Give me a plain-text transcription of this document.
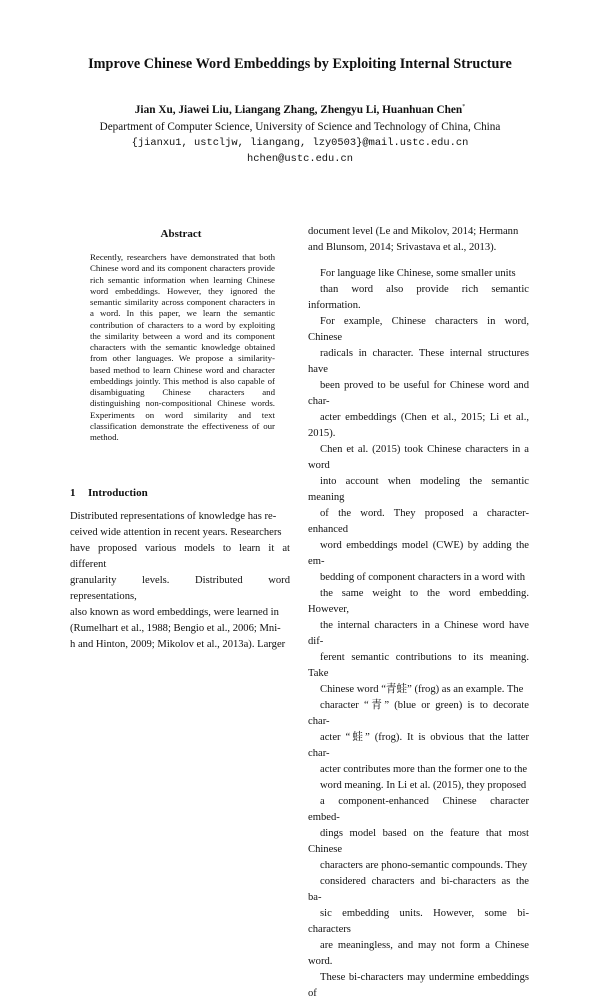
Improve Chinese Word Embeddings by Exploiting Internal Structure
Jian Xu, Jiawei Liu, Liangang Zhang, Zhengyu Li, Huanhuan Chen*
Department of Computer Science, University of Science and Technology of China, China
{jianxu1, ustcljw, liangang, lzy0503}@mail.ustc.edu.cn
hchen@ustc.edu.cn
Abstract
Recently, researchers have demonstrated that both Chinese word and its component characters provide rich semantic information when learning Chinese word embeddings. However, they ignored the semantic similarity across component characters in a word. In this paper, we learn the semantic contribution of characters to a word by exploiting the similarity between a word and its component characters with the semantic knowledge obtained from other languages. We propose a similarity-based method to learn Chinese word and character embeddings jointly. This method is also capable of disambiguating Chinese characters and distinguishing non-compositional Chinese words. Experiments on word similarity and text classification demonstrate the effectiveness of our method.
1 Introduction
Distributed representations of knowledge has re-
ceived wide attention in recent years. Researchers
have proposed various models to learn it at different
granularity levels. Distributed word representations,
also known as word embeddings, were learned in
(Rumelhart et al., 1988; Bengio et al., 2006; Mni-
h and Hinton, 2009; Mikolov et al., 2013a). Larger
document level (Le and Mikolov, 2014; Hermann
and Blunsom, 2014; Srivastava et al., 2013).
For language like Chinese, some smaller units
than word also provide rich semantic information.
For example, Chinese characters in word, Chinese
radicals in character. These internal structures have
been proved to be useful for Chinese word and char-
acter embeddings (Chen et al., 2015; Li et al., 2015).
Chen et al. (2015) took Chinese characters in a word
into account when modeling the semantic meaning
of the word. They proposed a character-enhanced
word embeddings model (CWE) by adding the em-
bedding of component characters in a word with
the same weight to the word embedding. However,
the internal characters in a Chinese word have dif-
ferent semantic contributions to its meaning. Take
Chinese word “青蛙” (frog) as an example. The
character “青” (blue or green) is to decorate char-
acter “蛙” (frog). It is obvious that the latter char-
acter contributes more than the former one to the
word meaning. In Li et al. (2015), they proposed
a component-enhanced Chinese character embed-
dings model based on the feature that most Chinese
characters are phono-semantic compounds. They
considered characters and bi-characters as the ba-
sic embedding units. However, some bi-characters
are meaningless, and may not form a Chinese word.
These bi-characters may undermine embeddings of
